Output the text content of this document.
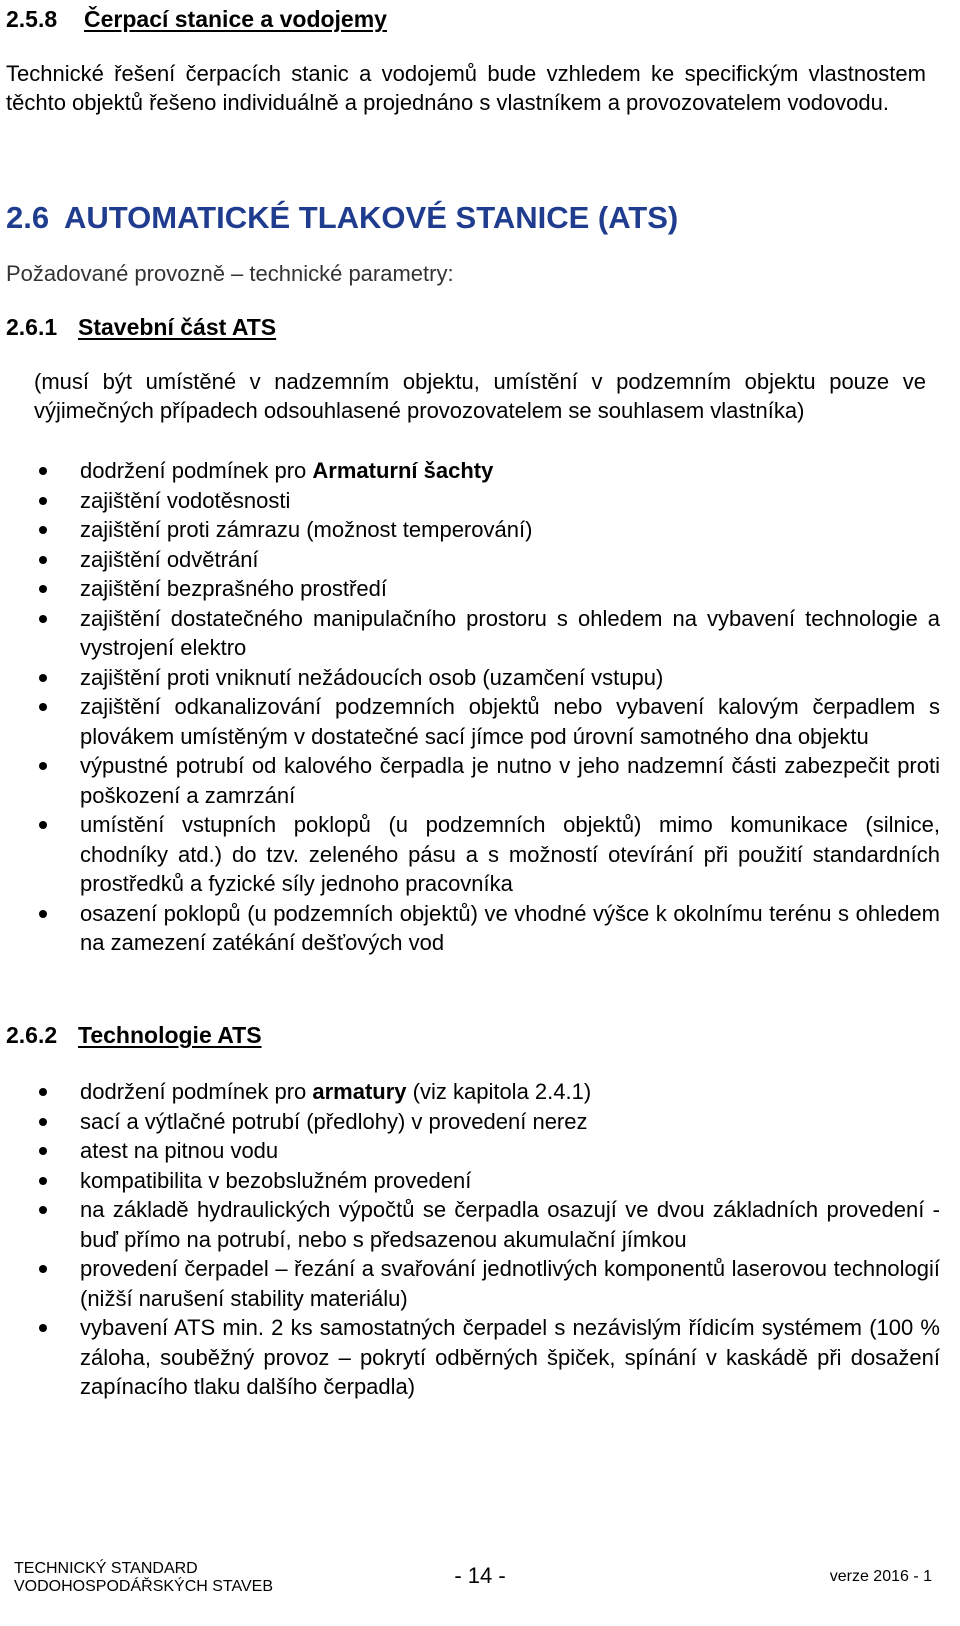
2.5.8 Čerpací stanice a vodojemy
Technické řešení čerpacích stanic a vodojemů bude vzhledem ke specifickým vlastnostem těchto objektů řešeno individuálně a projednáno s vlastníkem a provozovatelem vodovodu.
2.6 AUTOMATICKÉ TLAKOVÉ STANICE (ATS)
Požadované provozně – technické parametry:
2.6.1 Stavební část ATS
(musí být umístěné v nadzemním objektu, umístění v podzemním objektu pouze ve výjimečných případech odsouhlasené provozovatelem se souhlasem vlastníka)
dodržení podmínek pro Armaturní šachty
zajištění vodotěsnosti
zajištění proti zámrazu (možnost temperování)
zajištění odvětrání
zajištění bezprašného prostředí
zajištění dostatečného manipulačního prostoru s ohledem na vybavení technologie a vystrojení elektro
zajištění proti vniknutí nežádoucích osob (uzamčení vstupu)
zajištění odkanalizování podzemních objektů nebo vybavení kalovým čerpadlem s plovákem umístěným v dostatečné sací jímce pod úrovní samotného dna objektu
výpustné potrubí od kalového čerpadla je nutno v jeho nadzemní části zabezpečit proti poškození a zamrzání
umístění vstupních poklopů (u podzemních objektů) mimo komunikace (silnice, chodníky atd.) do tzv. zeleného pásu a s možností otevírání při použití standardních prostředků a fyzické síly jednoho pracovníka
osazení poklopů (u podzemních objektů) ve vhodné výšce k okolnímu terénu s ohledem na zamezení zatékání dešťových vod
2.6.2 Technologie ATS
dodržení podmínek pro armatury (viz kapitola 2.4.1)
sací a výtlačné potrubí (předlohy) v provedení nerez
atest na pitnou vodu
kompatibilita v bezobslužném provedení
na základě hydraulických výpočtů se čerpadla osazují ve dvou základních provedení - buď přímo na potrubí, nebo s předsazenou akumulační jímkou
provedení čerpadel – řezání a svařování jednotlivých komponentů laserovou technologií (nižší narušení stability materiálu)
vybavení ATS min. 2 ks samostatných čerpadel s nezávislým řídicím systémem (100 % záloha, souběžný provoz – pokrytí odběrných špiček, spínání v kaskádě při dosažení zapínacího tlaku dalšího čerpadla)
TECHNICKÝ STANDARD
VODOHOSPODÁŘSKÝCH STAVEB	- 14 -	verze 2016 - 1
